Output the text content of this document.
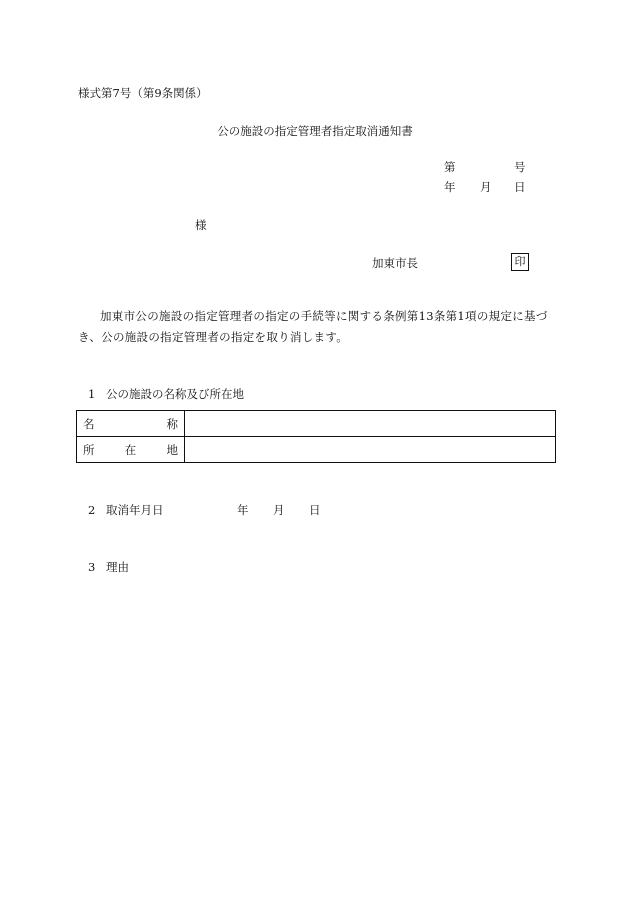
様式第7号（第9条関係）
公の施設の指定管理者指定取消通知書
第	号
年 月 日
様
加東市長	印
加東市公の施設の指定管理者の指定の手続等に関する条例第13条第1項の規定に基づき、公の施設の指定管理者の指定を取り消します。
1 公の施設の名称及び所在地
名 称	

所 在 地	

2 取消年月日	年 月 日
3 理由
